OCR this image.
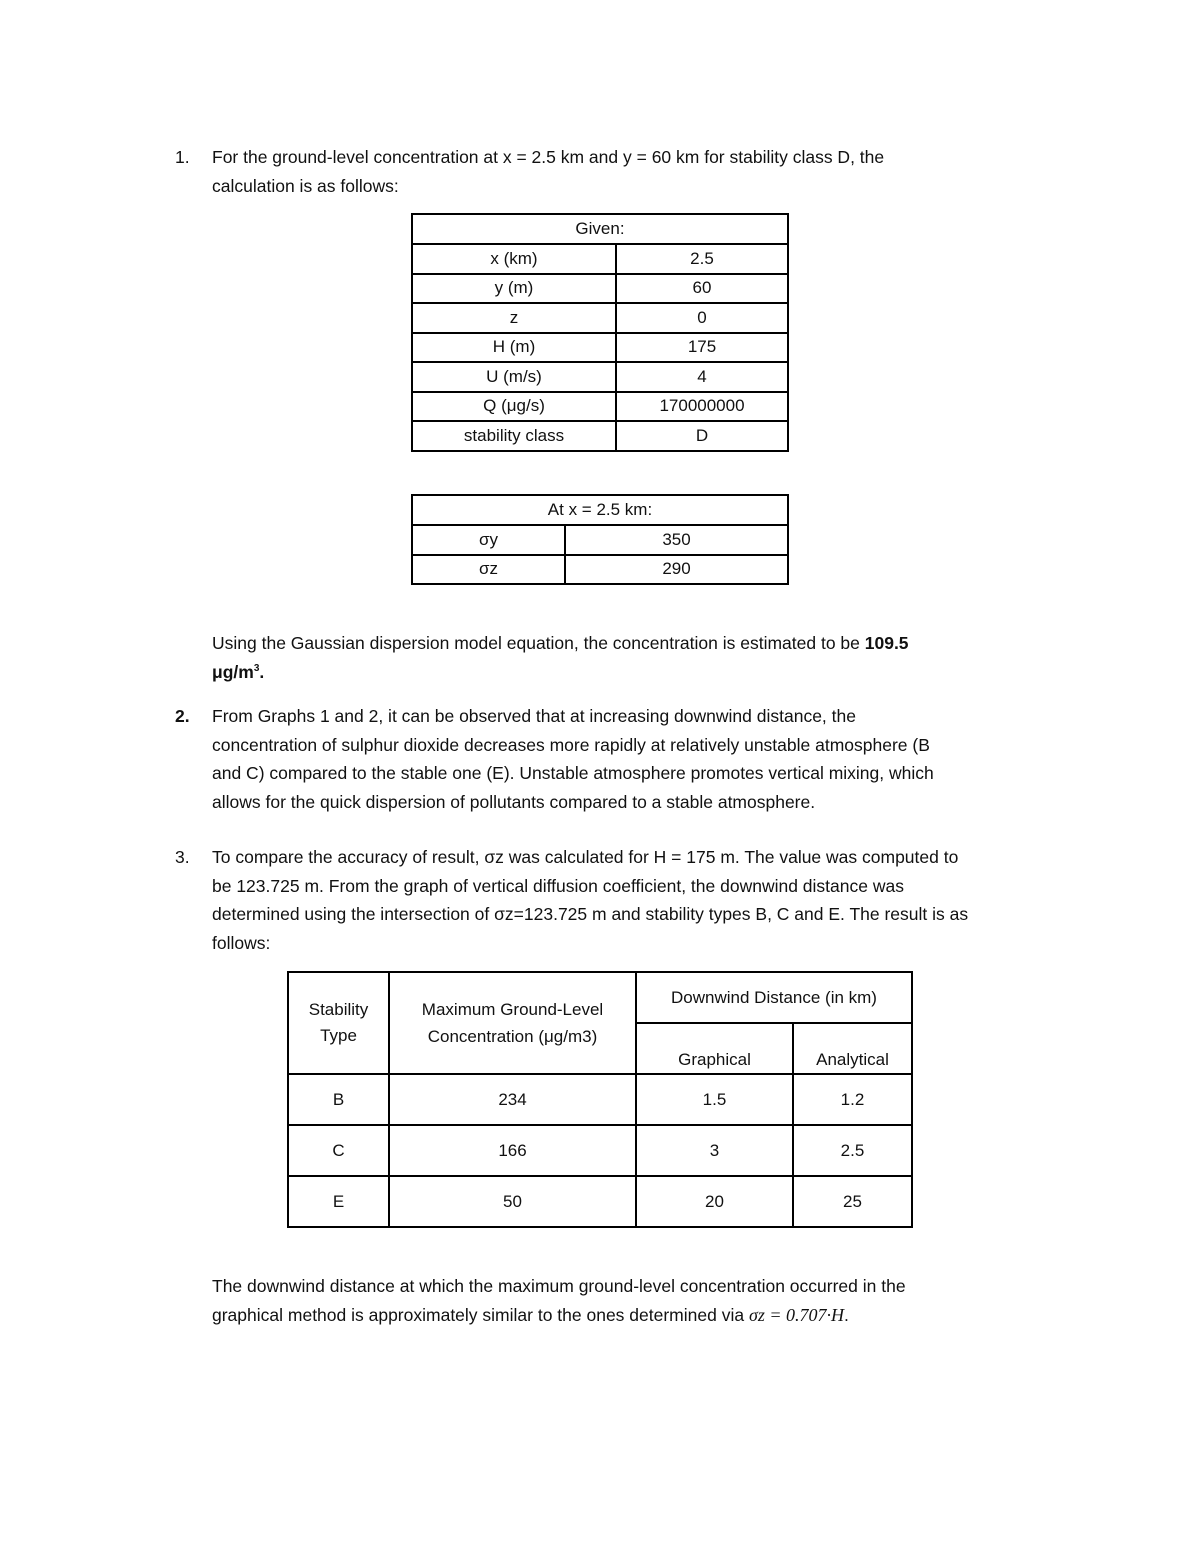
1.	For the ground-level concentration at x = 2.5 km and y = 60 km for stability class D, the
calculation is as follows:
Given:	
x (km)	2.5
y (m)	60
z	0
H (m)	175
U (m/s)	4
Q (μg/s)	170000000
stability class	D
At x = 2.5 km:	
σy	350
σz	290
Using the Gaussian dispersion model equation, the concentration is estimated to be 109.5
$\mu g/m^3$.
2.	From Graphs 1 and 2, it can be observed that at increasing downwind distance, the
concentration of sulphur dioxide decreases more rapidly at relatively unstable atmosphere (B
and C) compared to the stable one (E). Unstable atmosphere promotes vertical mixing, which
allows for the quick dispersion of pollutants compared to a stable atmosphere.
3.	To compare the accuracy of result, σz was calculated for H = 175 m. The value was computed to
be 123.725 m. From the graph of vertical diffusion coefficient, the downwind distance was
determined using the intersection of σz=123.725 m and stability types B, C and E. The result is as
follows:
Stability Type	Maximum Ground-Level Concentration (μg/m3)	Downwind Distance (in km)	
		Graphical	Analytical
B	234	1.5	1.2
C	166	3	2.5
E	50	20	25
The downwind distance at which the maximum ground-level concentration occurred in the
graphical method is approximately similar to the ones determined via σz = 0.707·H.
